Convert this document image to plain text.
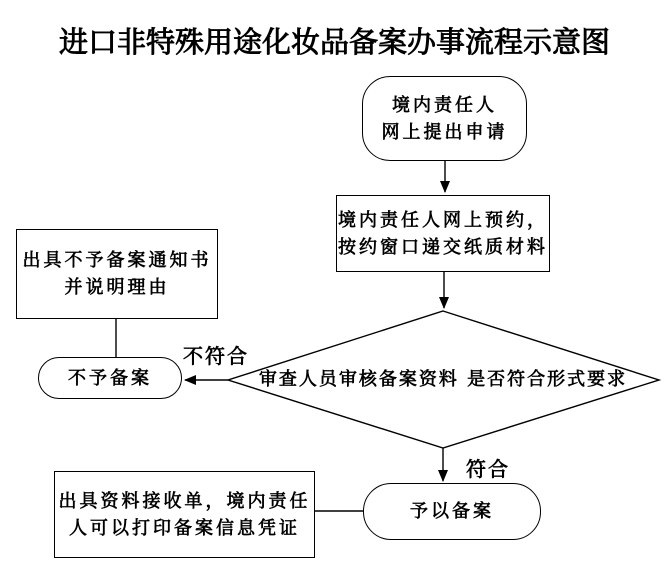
进口非特殊用途化妆品备案办事流程示意图
境内责任人
网上提出申请
境内责任人网上预约，
按约窗口递交纸质材料
审查人员审核备案资料 是否符合形式要求
不予备案
出具不予备案通知书
并说明理由
予以备案
出具资料接收单，境内责任
人可以打印备案信息凭证
不符合
符合
